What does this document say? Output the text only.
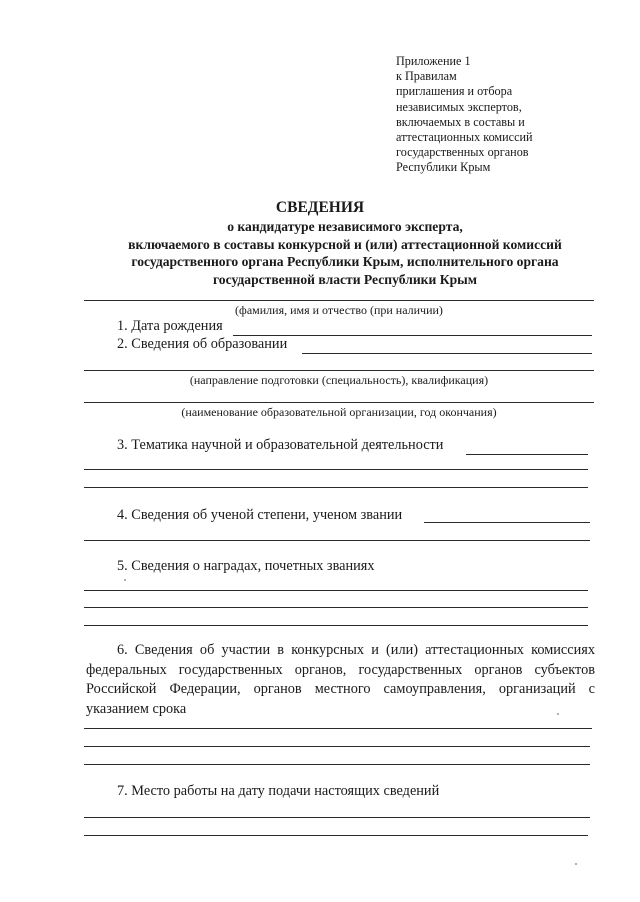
Приложение 1
к Правилам
приглашения и отбора
независимых экспертов,
включаемых в составы и
аттестационных комиссий
государственных органов
Республики Крым
СВЕДЕНИЯ
о кандидатуре независимого эксперта,
включаемого в составы конкурсной и (или) аттестационной комиссий
государственного органа Республики Крым, исполнительного органа
государственной власти Республики Крым
(фамилия, имя и отчество (при наличии)
1. Дата рождения
2. Сведения об образовании
(направление подготовки (специальность), квалификация)
(наименование образовательной организации, год окончания)
3. Тематика научной и образовательной деятельности
4. Сведения об ученой степени, ученом звании
5. Сведения о наградах, почетных званиях
6. Сведения об участии в конкурсных и (или) аттестационных комиссиях федеральных государственных органов, государственных органов субъектов Российской Федерации, органов местного самоуправления, организаций с указанием срока
7. Место работы на дату подачи настоящих сведений
